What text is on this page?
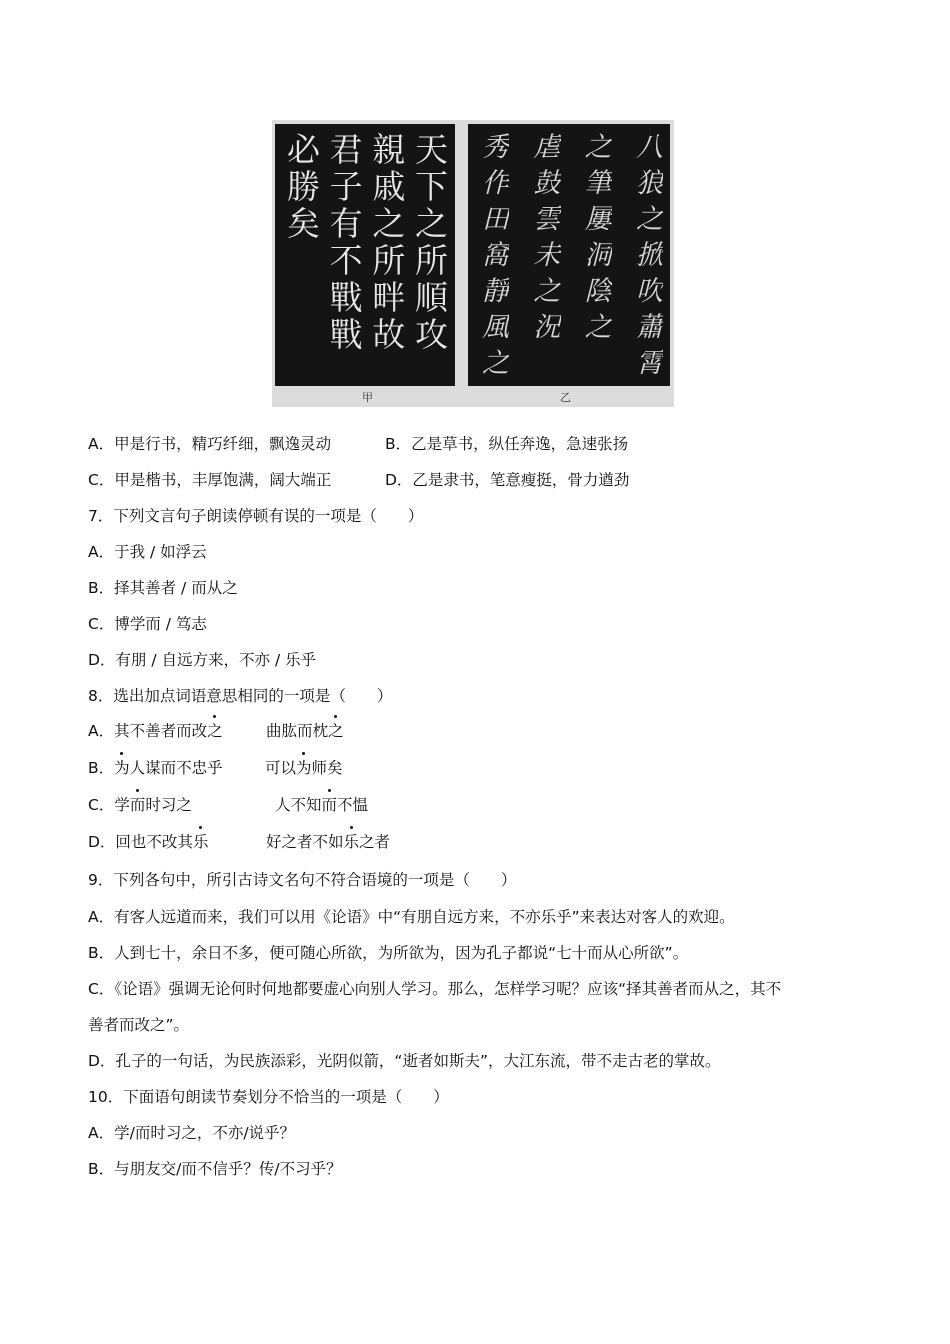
天下之所順攻
親戚之所畔故
君子有不戰戰
必勝矣	八狼之掀吹蕭霄
之筆屢洞陰之
虐鼓雲未之況
秀作田窩靜風之
甲	乙
A．甲是行书，精巧纤细，飘逸灵动	B．乙是草书，纵任奔逸，急速张扬
C．甲是楷书，丰厚饱满，阔大端正	D．乙是隶书，笔意瘦挺，骨力遒劲
7．下列文言句子朗读停顿有误的一项是（　　）
A．于我 / 如浮云
B．择其善者 / 而从之
C．博学而 / 笃志
D．有朋 / 自远方来，不亦 / 乐乎
8．选出加点词语意思相同的一项是（　　）
A．其不善者而改之	曲肱而枕之
B．为人谋而不忠乎	可以为师矣
C．学而时习之	人不知而不愠
D．回也不改其乐	好之者不如乐之者
9．下列各句中，所引古诗文名句不符合语境的一项是（　　）
A．有客人远道而来，我们可以用《论语》中“有朋自远方来，不亦乐乎”来表达对客人的欢迎。
B．人到七十，余日不多，便可随心所欲，为所欲为，因为孔子都说“七十而从心所欲”。
C．《论语》强调无论何时何地都要虚心向别人学习。那么，怎样学习呢？应该“择其善者而从之，其不
善者而改之”。
D．孔子的一句话，为民族添彩，光阴似箭，“逝者如斯夫”，大江东流，带不走古老的掌故。
10．下面语句朗读节奏划分不恰当的一项是（　　）
A．学/而时习之，不亦/说乎？
B．与朋友交/而不信乎？传/不习乎？
